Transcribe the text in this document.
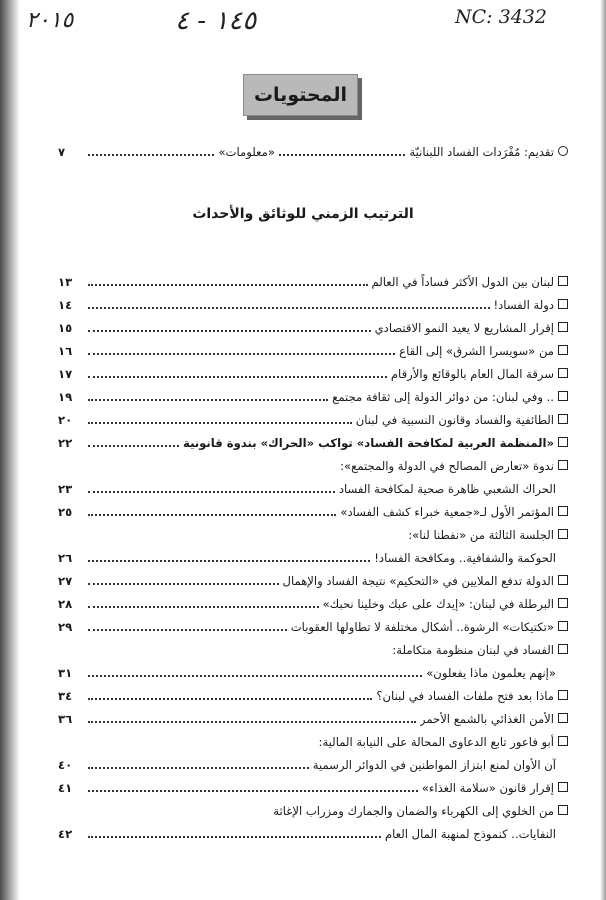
٢٠١٥	١٤٥ - ٤	NC: 3432
المحتويات
تقديم: مُفْرَدات الفساد اللبنانيّة
«معلومات»
٧
الترتيب الزمني للوثائق والأحداث
لبنان بين الدول الأكثر فساداً في العالم
١٣
دولة الفساد!
١٤
إقرار المشاريع لا يعيد النمو الاقتصادي
١٥
من «سويسرا الشرق» إلى القاع
١٦
سرقة المال العام بالوقائع والأرقام
١٧
.. وفي لبنان: من دوائر الدولة إلى ثقافة مجتمع
١٩
الطائفية والفساد وقانون النسبية في لبنان
٢٠
«المنظمة العربية لمكافحة الفساد» تواكب «الحراك» بندوة قانونية
٢٢
ندوة «تعارض المصالح في الدولة والمجتمع»:
الحراك الشعبي ظاهرة صحية لمكافحة الفساد
٢٣
المؤتمر الأول لـ«جمعية خبراء كشف الفساد»
٢٥
الجلسة الثالثة من «نفطنا لنا»:
الحوكمة والشفافية.. ومكافحة الفساد!
٢٦
الدولة تدفع الملايين في «التحكيم» نتيجة الفساد والإهمال
٢٧
البرطلة في لبنان: «إيدك على عبك وخلينا نحبك»
٢٨
«تكتيكات» الرشوة.. أشكال مختلفة لا تطاولها العقوبات
٢٩
الفساد في لبنان منظومة متكاملة:
«إنهم يعلمون ماذا يفعلون»
٣١
ماذا بعد فتح ملفات الفساد في لبنان؟
٣٤
الأمن الغذائي بالشمع الأحمر
٣٦
أبو فاعور تابع الدعاوى المحالة على النيابة المالية:
آن الأوان لمنع ابتزاز المواطنين في الدوائر الرسمية
٤٠
إقرار قانون «سلامة الغذاء»
٤١
من الخلوي إلى الكهرباء والضمان والجمارك ومزراب الإغاثة
النفايات.. كنموذج لمنهبة المال العام
٤٢
